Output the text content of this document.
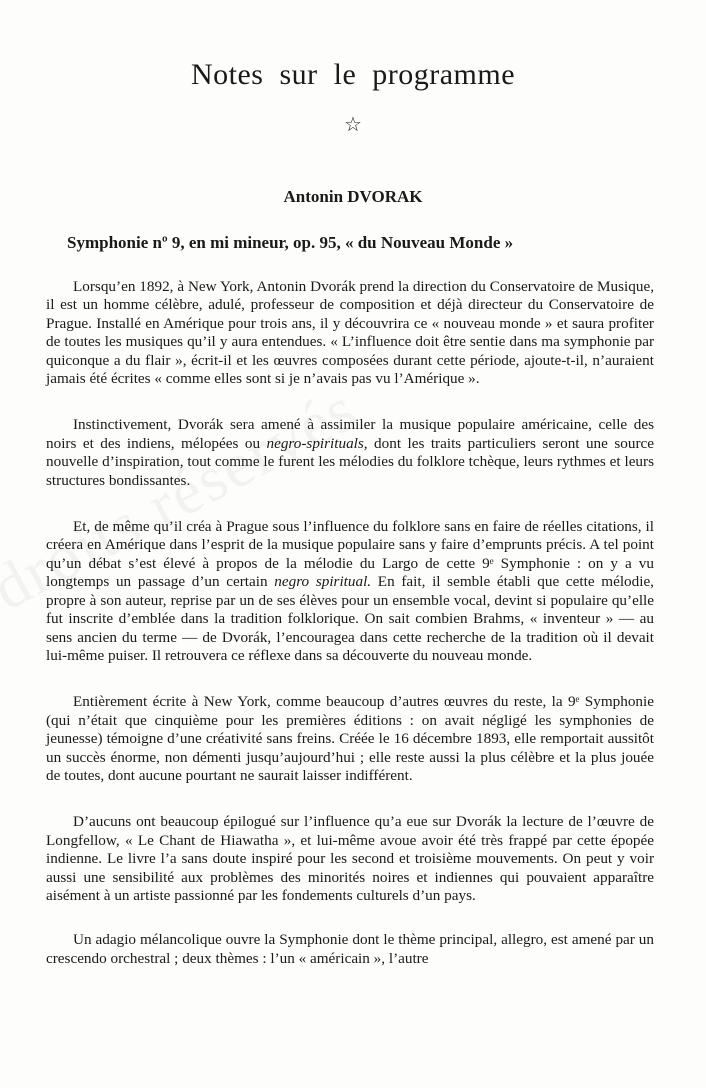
Notes sur le programme
☆
Antonin DVORAK
Symphonie nº 9, en mi mineur, op. 95, « du Nouveau Monde »

Lorsqu’en 1892, à New York, Antonin Dvorák prend la direction du Conservatoire de Musique, il est un homme célèbre, adulé, professeur de composition et déjà directeur du Conservatoire de Prague. Installé en Amérique pour trois ans, il y découvrira ce « nouveau monde » et saura profiter de toutes les musiques qu’il y aura entendues. « L’influence doit être sentie dans ma symphonie par quiconque a du flair », écrit-il et les œuvres composées durant cette période, ajoute-t-il, n’auraient jamais été écrites « comme elles sont si je n’avais pas vu l’Amérique ».

Instinctivement, Dvorák sera amené à assimiler la musique populaire américaine, celle des noirs et des indiens, mélopées ou negro-spirituals, dont les traits particuliers seront une source nouvelle d’inspiration, tout comme le furent les mélodies du folklore tchèque, leurs rythmes et leurs structures bondissantes.

Et, de même qu’il créa à Prague sous l’influence du folklore sans en faire de réelles citations, il créera en Amérique dans l’esprit de la musique populaire sans y faire d’emprunts précis. A tel point qu’un débat s’est élevé à propos de la mélodie du Largo de cette 9ᵉ Symphonie : on y a vu longtemps un passage d’un certain negro spiritual. En fait, il semble établi que cette mélodie, propre à son auteur, reprise par un de ses élèves pour un ensemble vocal, devint si populaire qu’elle fut inscrite d’emblée dans la tradition folklorique. On sait combien Brahms, « inventeur » — au sens ancien du terme — de Dvorák, l’encouragea dans cette recherche de la tradition où il devait lui-même puiser. Il retrouvera ce réflexe dans sa découverte du nouveau monde.

Entièrement écrite à New York, comme beaucoup d’autres œuvres du reste, la 9ᵉ Symphonie (qui n’était que cinquième pour les premières éditions : on avait négligé les symphonies de jeunesse) témoigne d’une créativité sans freins. Créée le 16 décembre 1893, elle remportait aussitôt un succès énorme, non démenti jusqu’aujourd’hui ; elle reste aussi la plus célèbre et la plus jouée de toutes, dont aucune pourtant ne saurait laisser indifférent.

D’aucuns ont beaucoup épilogué sur l’influence qu’a eue sur Dvorák la lecture de l’œuvre de Longfellow, « Le Chant de Hiawatha », et lui-même avoue avoir été très frappé par cette épopée indienne. Le livre l’a sans doute inspiré pour les second et troisième mouvements. On peut y voir aussi une sensibilité aux problèmes des minorités noires et indiennes qui pouvaient apparaître aisément à un artiste passionné par les fondements culturels d’un pays.

Un adagio mélancolique ouvre la Symphonie dont le thème principal, allegro, est amené par un crescendo orchestral ; deux thèmes : l’un « américain », l’autre
